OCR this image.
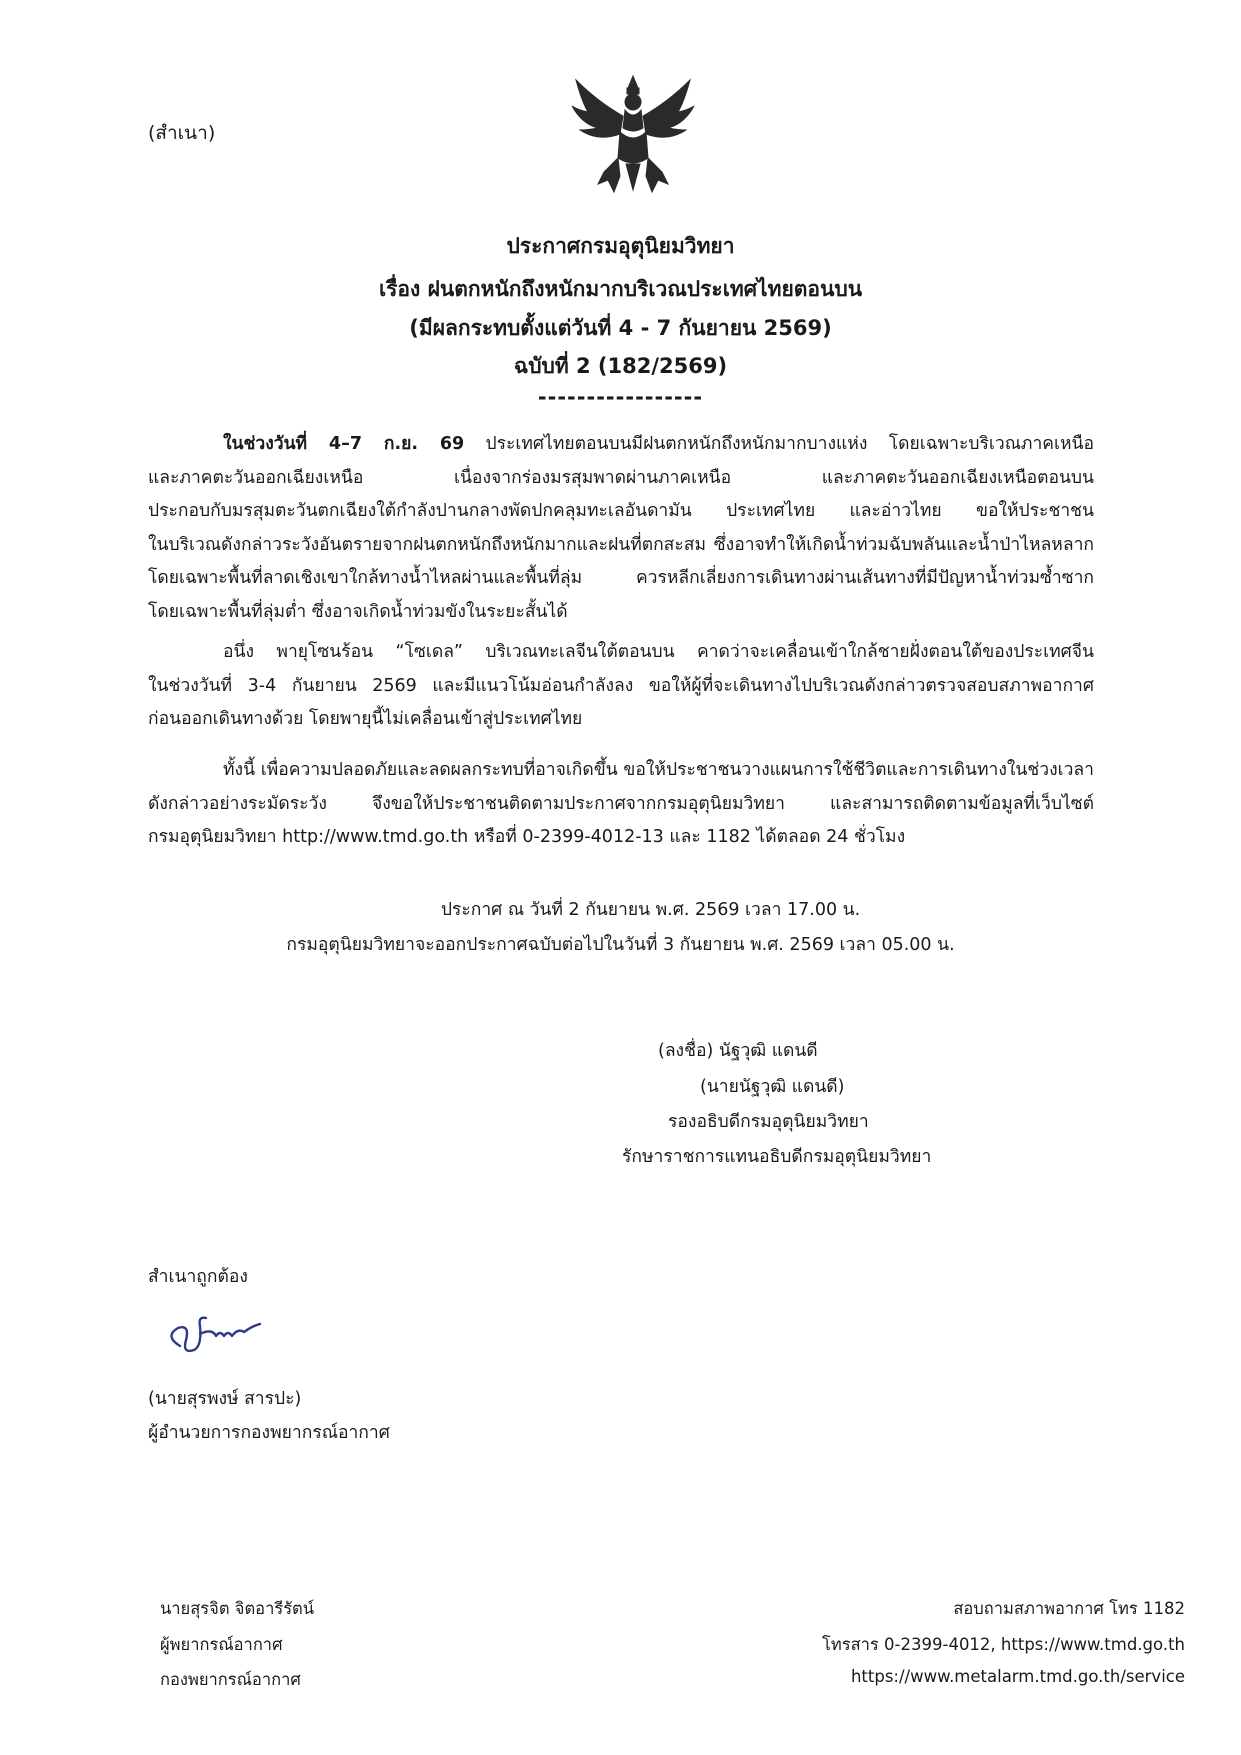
(สำเนา)
ประกาศกรมอุตุนิยมวิทยา
เรื่อง ฝนตกหนักถึงหนักมากบริเวณประเทศไทยตอนบน
(มีผลกระทบตั้งแต่วันที่ 4 - 7 กันยายน 2569)
ฉบับที่ 2 (182/2569)
-----------------
ในช่วงวันที่ 4–7 ก.ย. 69 ประเทศไทยตอนบนมีฝนตกหนักถึงหนักมากบางแห่ง โดยเฉพาะบริเวณภาคเหนือ
และภาคตะวันออกเฉียงเหนือ เนื่องจากร่องมรสุมพาดผ่านภาคเหนือ และภาคตะวันออกเฉียงเหนือตอนบน
ประกอบกับมรสุมตะวันตกเฉียงใต้กำลังปานกลางพัดปกคลุมทะเลอันดามัน ประเทศไทย และอ่าวไทย ขอให้ประชาชน
ในบริเวณดังกล่าวระวังอันตรายจากฝนตกหนักถึงหนักมากและฝนที่ตกสะสม ซึ่งอาจทำให้เกิดน้ำท่วมฉับพลันและน้ำป่าไหลหลาก
โดยเฉพาะพื้นที่ลาดเชิงเขาใกล้ทางน้ำไหลผ่านและพื้นที่ลุ่ม ควรหลีกเลี่ยงการเดินทางผ่านเส้นทางที่มีปัญหาน้ำท่วมซ้ำซาก
โดยเฉพาะพื้นที่ลุ่มต่ำ ซึ่งอาจเกิดน้ำท่วมขังในระยะสั้นได้
อนึ่ง พายุโซนร้อน “โซเดล” บริเวณทะเลจีนใต้ตอนบน คาดว่าจะเคลื่อนเข้าใกล้ชายฝั่งตอนใต้ของประเทศจีน
ในช่วงวันที่ 3-4 กันยายน 2569 และมีแนวโน้มอ่อนกำลังลง ขอให้ผู้ที่จะเดินทางไปบริเวณดังกล่าวตรวจสอบสภาพอากาศ
ก่อนออกเดินทางด้วย โดยพายุนี้ไม่เคลื่อนเข้าสู่ประเทศไทย
ทั้งนี้ เพื่อความปลอดภัยและลดผลกระทบที่อาจเกิดขึ้น ขอให้ประชาชนวางแผนการใช้ชีวิตและการเดินทางในช่วงเวลา
ดังกล่าวอย่างระมัดระวัง จึงขอให้ประชาชนติดตามประกาศจากกรมอุตุนิยมวิทยา และสามารถติดตามข้อมูลที่เว็บไซต์
กรมอุตุนิยมวิทยา http://www.tmd.go.th หรือที่ 0-2399-4012-13 และ 1182 ได้ตลอด 24 ชั่วโมง
ประกาศ ณ วันที่ 2 กันยายน พ.ศ. 2569 เวลา 17.00 น.
กรมอุตุนิยมวิทยาจะออกประกาศฉบับต่อไปในวันที่ 3 กันยายน พ.ศ. 2569 เวลา 05.00 น.
(ลงชื่อ) นัฐวุฒิ แดนดี
(นายนัฐวุฒิ แดนดี)
รองอธิบดีกรมอุตุนิยมวิทยา
รักษาราชการแทนอธิบดีกรมอุตุนิยมวิทยา
สำเนาถูกต้อง
(นายสุรพงษ์ สารปะ)
ผู้อำนวยการกองพยากรณ์อากาศ
นายสุรจิต จิตอารีรัตน์
ผู้พยากรณ์อากาศ
กองพยากรณ์อากาศ
สอบถามสภาพอากาศ โทร 1182
โทรสาร 0-2399-4012, https://www.tmd.go.th
https://www.metalarm.tmd.go.th/service
